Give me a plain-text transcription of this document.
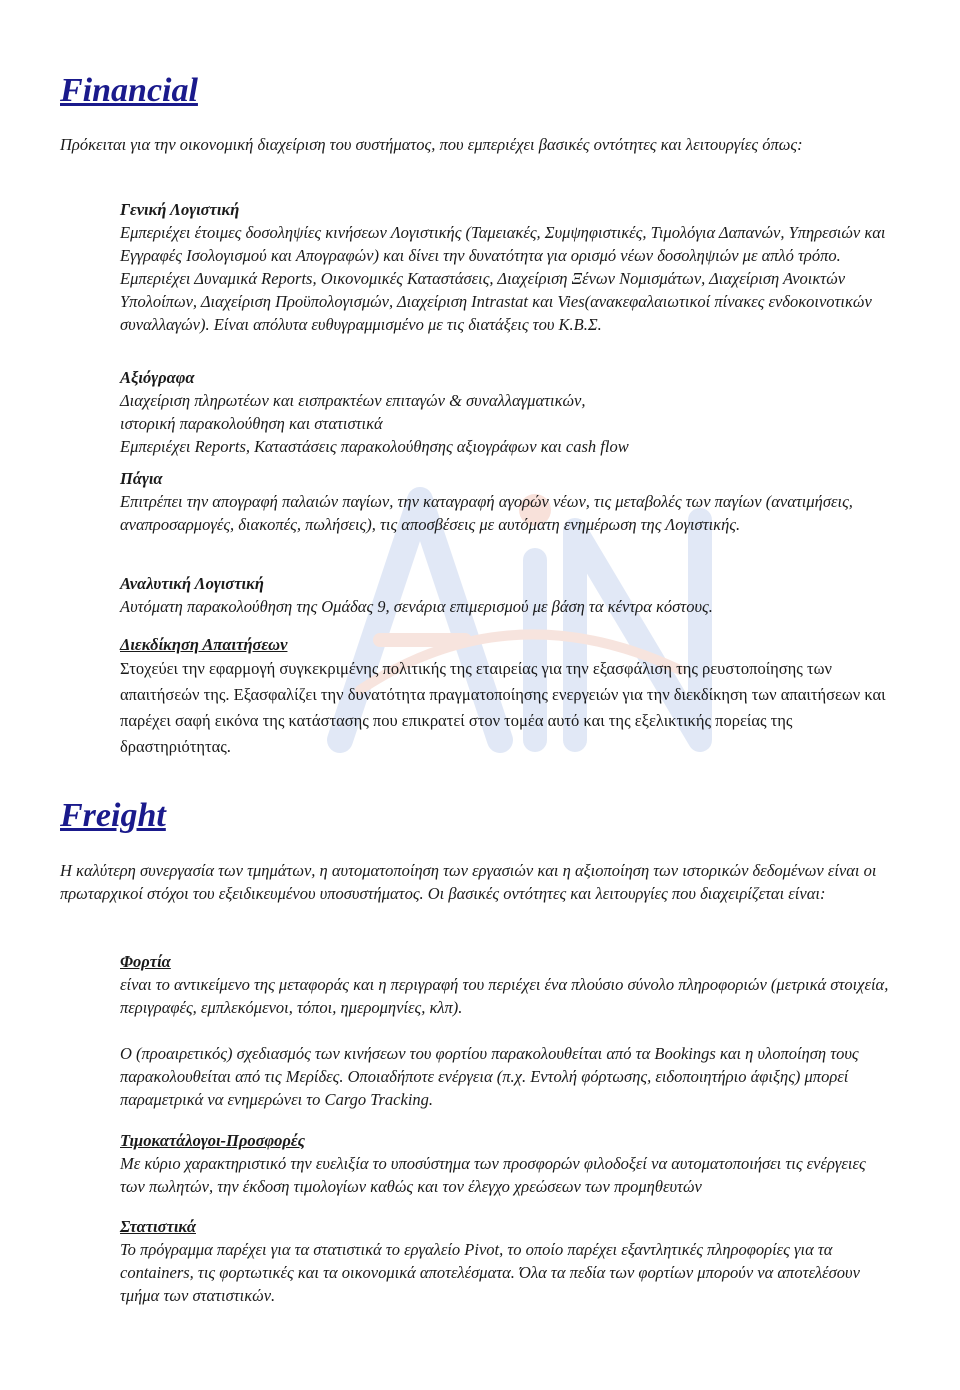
Financial

Πρόκειται για την οικονομική διαχείριση του συστήματος, που εμπεριέχει βασικές οντότητες και λειτουργίες όπως:

Γενική Λογιστική

Εμπεριέχει έτοιμες δοσοληψίες κινήσεων Λογιστικής (Ταμειακές, Συμψηφιστικές, Τιμολόγια Δαπανών, Υπηρεσιών και Εγγραφές Ισολογισμού και Απογραφών) και δίνει την δυνατότητα για ορισμό νέων δοσοληψιών με απλό τρόπο. Εμπεριέχει Δυναμικά Reports, Οικονομικές Καταστάσεις, Διαχείριση Ξένων Νομισμάτων, Διαχείριση Ανοικτών Υπολοίπων, Διαχείριση Προϋπολογισμών, Διαχείριση Intrastat και Vies(ανακεφαλαιωτικοί πίνακες ενδοκοινοτικών συναλλαγών). Είναι απόλυτα ευθυγραμμισμένο με τις διατάξεις του Κ.Β.Σ.

Αξιόγραφα

Διαχείριση πληρωτέων και εισπρακτέων επιταγών & συναλλαγματικών,

ιστορική παρακολούθηση και στατιστικά

Εμπεριέχει Reports, Καταστάσεις παρακολούθησης αξιογράφων και cash flow

Πάγια

Επιτρέπει την απογραφή παλαιών παγίων, την καταγραφή αγορών νέων, τις μεταβολές των παγίων (ανατιμήσεις, αναπροσαρμογές, διακοπές, πωλήσεις), τις αποσβέσεις με αυτόματη ενημέρωση της Λογιστικής.

Αναλυτική Λογιστική

Αυτόματη παρακολούθηση της Ομάδας 9, σενάρια επιμερισμού με βάση τα κέντρα κόστους.

Διεκδίκηση Απαιτήσεων

Στοχεύει την εφαρμογή συγκεκριμένης πολιτικής της εταιρείας για την εξασφάλιση της ρευστοποίησης των απαιτήσεών της. Εξασφαλίζει την δυνατότητα πραγματοποίησης ενεργειών για την διεκδίκηση των απαιτήσεων και παρέχει σαφή εικόνα της κατάστασης που επικρατεί στον τομέα αυτό και της εξελικτικής πορείας της δραστηριότητας.

Freight

Η καλύτερη συνεργασία των τμημάτων, η αυτοματοποίηση των εργασιών και η αξιοποίηση των ιστορικών δεδομένων είναι οι πρωταρχικοί στόχοι του εξειδικευμένου υποσυστήματος. Οι βασικές οντότητες και λειτουργίες που διαχειρίζεται είναι:

Φορτία

είναι το αντικείμενο της μεταφοράς και η περιγραφή του περιέχει ένα πλούσιο σύνολο πληροφοριών (μετρικά στοιχεία, περιγραφές, εμπλεκόμενοι, τόποι, ημερομηνίες, κλπ).

Ο (προαιρετικός) σχεδιασμός των κινήσεων του φορτίου παρακολουθείται από τα Bookings και η υλοποίηση τους παρακολουθείται από τις Μερίδες. Οποιαδήποτε ενέργεια (π.χ. Εντολή φόρτωσης, ειδοποιητήριο άφιξης) μπορεί παραμετρικά να ενημερώνει το Cargo Tracking.

Τιμοκατάλογοι-Προσφορές

Με κύριο χαρακτηριστικό την ευελιξία το υποσύστημα των προσφορών φιλοδοξεί να αυτοματοποιήσει τις ενέργειες των πωλητών, την έκδοση τιμολογίων καθώς και τον έλεγχο χρεώσεων των προμηθευτών

Στατιστικά

Το πρόγραμμα παρέχει για τα στατιστικά το εργαλείο Pivot, το οποίο παρέχει εξαντλητικές πληροφορίες για τα containers, τις φορτωτικές και τα οικονομικά αποτελέσματα. Όλα τα πεδία των φορτίων μπορούν να αποτελέσουν τμήμα των στατιστικών.
